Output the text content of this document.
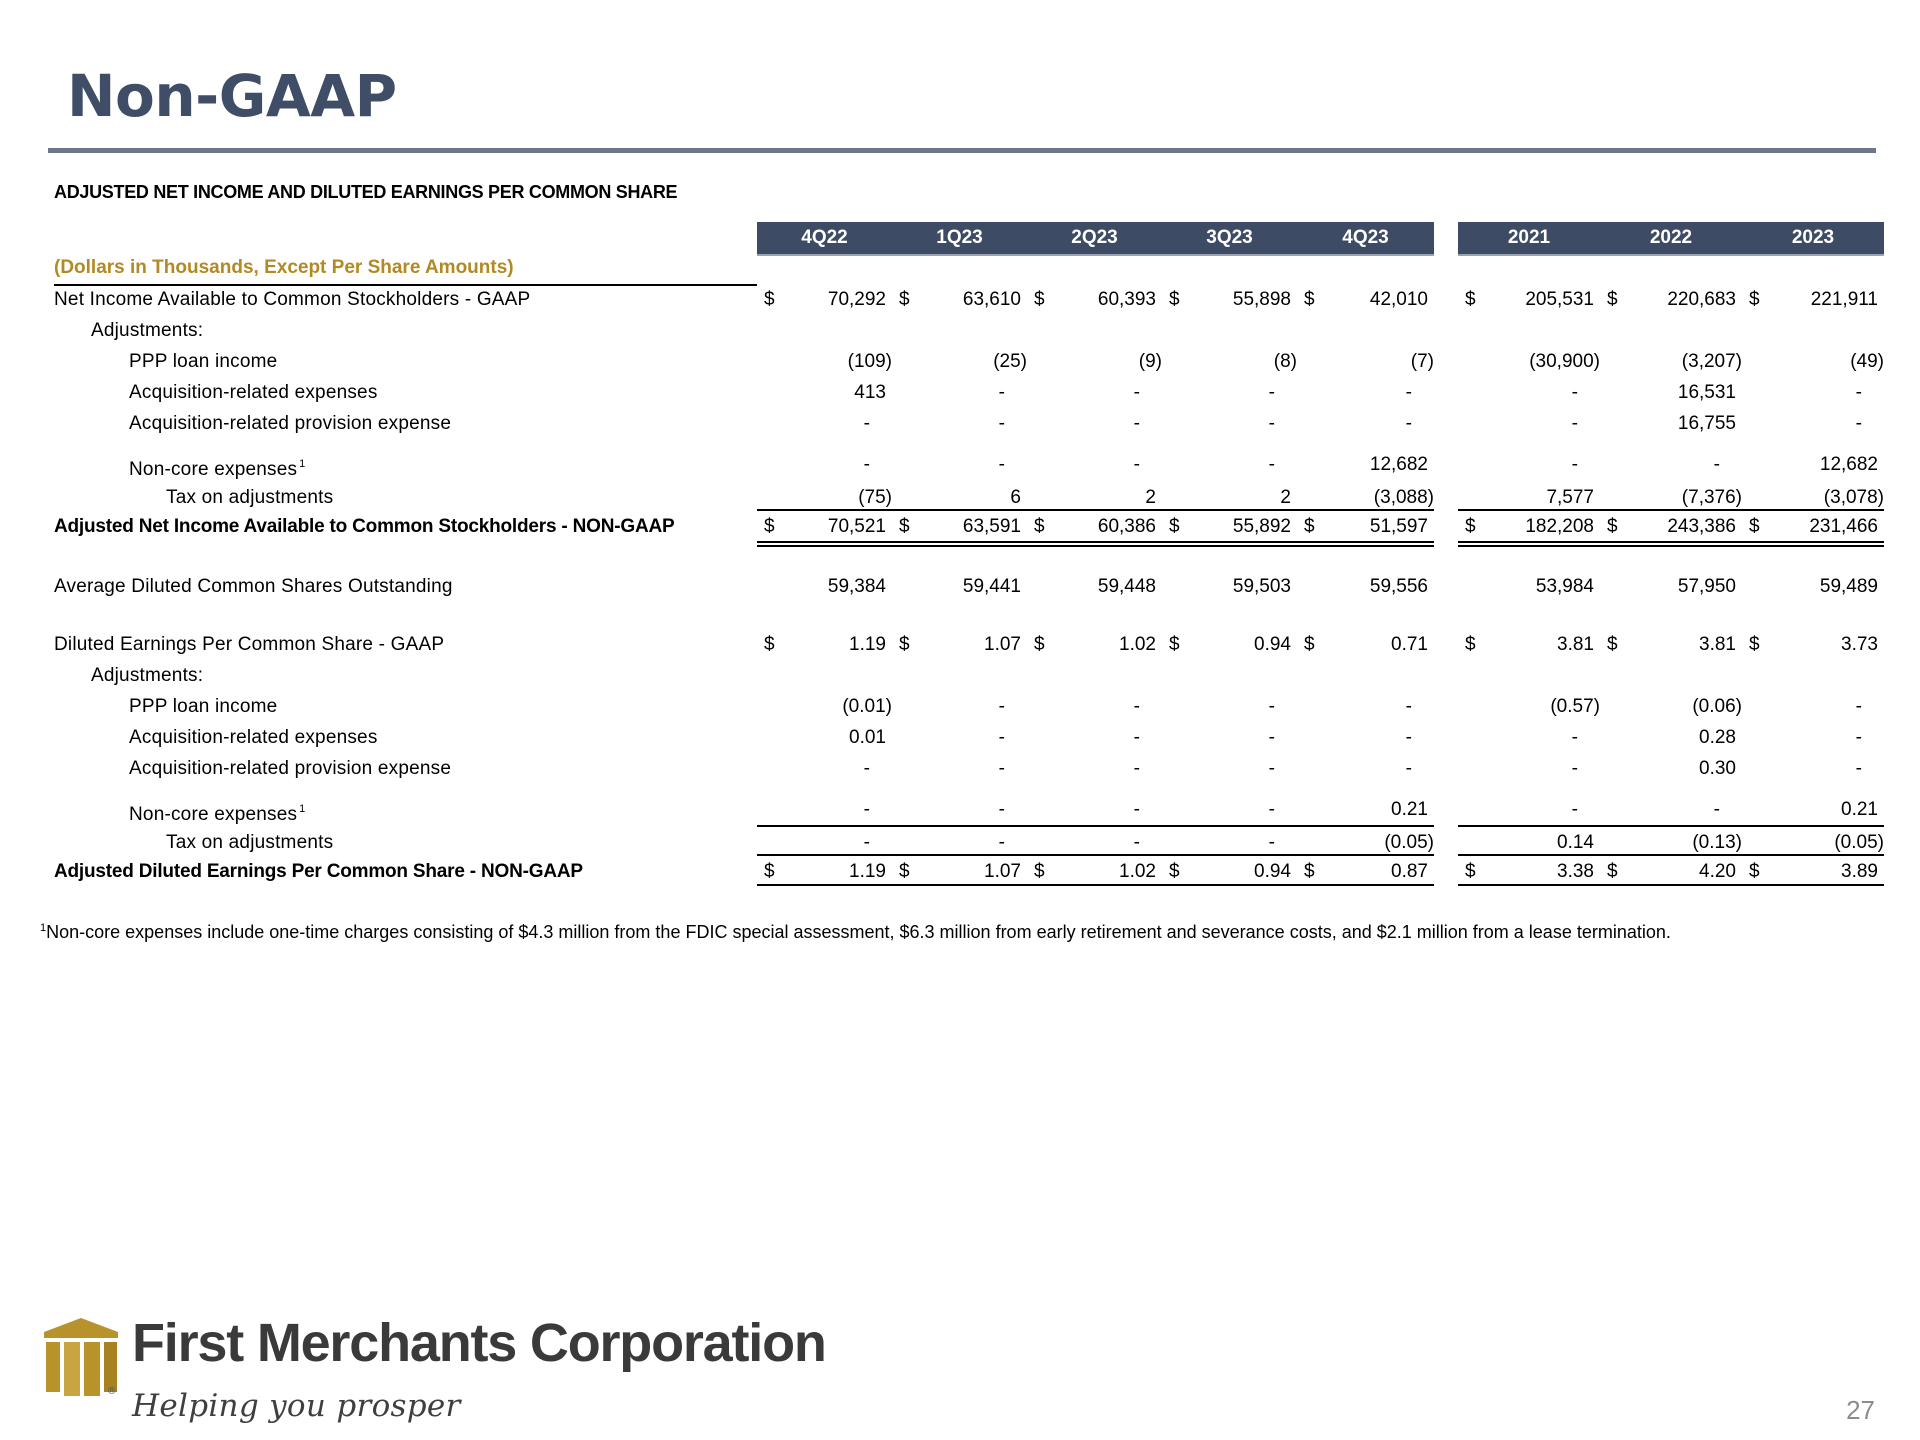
Non-GAAP
ADJUSTED NET INCOME AND DILUTED EARNINGS PER COMMON SHARE
4Q22	1Q23	2Q23	3Q23	4Q23	2021	2022	2023
(Dollars in Thousands, Except Per Share Amounts)
Net Income Available to Common Stockholders - GAAP	$	70,292 $	63,610 $	60,393 $	55,898 $	42,010 $	205,531 $	220,683 $	221,911
Adjustments:
PPP loan income	(109)	(25)	(9)	(8)	(7)	(30,900)	(3,207)	(49)
Acquisition-related expenses	413	-	-	-	-	-	16,531	-
Acquisition-related provision expense	-	-	-	-	-	-	16,755	-
Non-core expenses $^1$	-	-	-	-	12,682	-	-	12,682
Tax on adjustments	(75)	6	2	2	(3,088)	7,577	(7,376)	(3,078)
Adjusted Net Income Available to Common Stockholders - NON-GAAP	$	70,521 $	63,591 $	60,386 $	55,892 $	51,597 $	182,208 $	243,386 $	231,466
Average Diluted Common Shares Outstanding	59,384	59,441	59,448	59,503	59,556	53,984	57,950	59,489
Diluted Earnings Per Common Share - GAAP	$	1.19 $	1.07 $	1.02 $	0.94 $	0.71 $	3.81 $	3.81 $	3.73
Adjustments:
PPP loan income	(0.01)	-	-	-	-	(0.57)	(0.06)	-
Acquisition-related expenses	0.01	-	-	-	-	-	0.28	-
Acquisition-related provision expense	-	-	-	-	-	-	0.30	-
Non-core expenses $^1$	-	-	-	-	0.21	-	-	0.21
Tax on adjustments	-	-	-	-	(0.05)	0.14	(0.13)	(0.05)
Adjusted Diluted Earnings Per Common Share - NON-GAAP	$	1.19 $	1.07 $	1.02 $	0.94 $	0.87 $	3.38 $	4.20 $	3.89
$^1$Non-core expenses include one-time charges consisting of $4.3 million from the FDIC special assessment, $6.3 million from early retirement and severance costs, and $2.1 million from a lease termination.
®
First Merchants Corporation
Helping you prosper	27
